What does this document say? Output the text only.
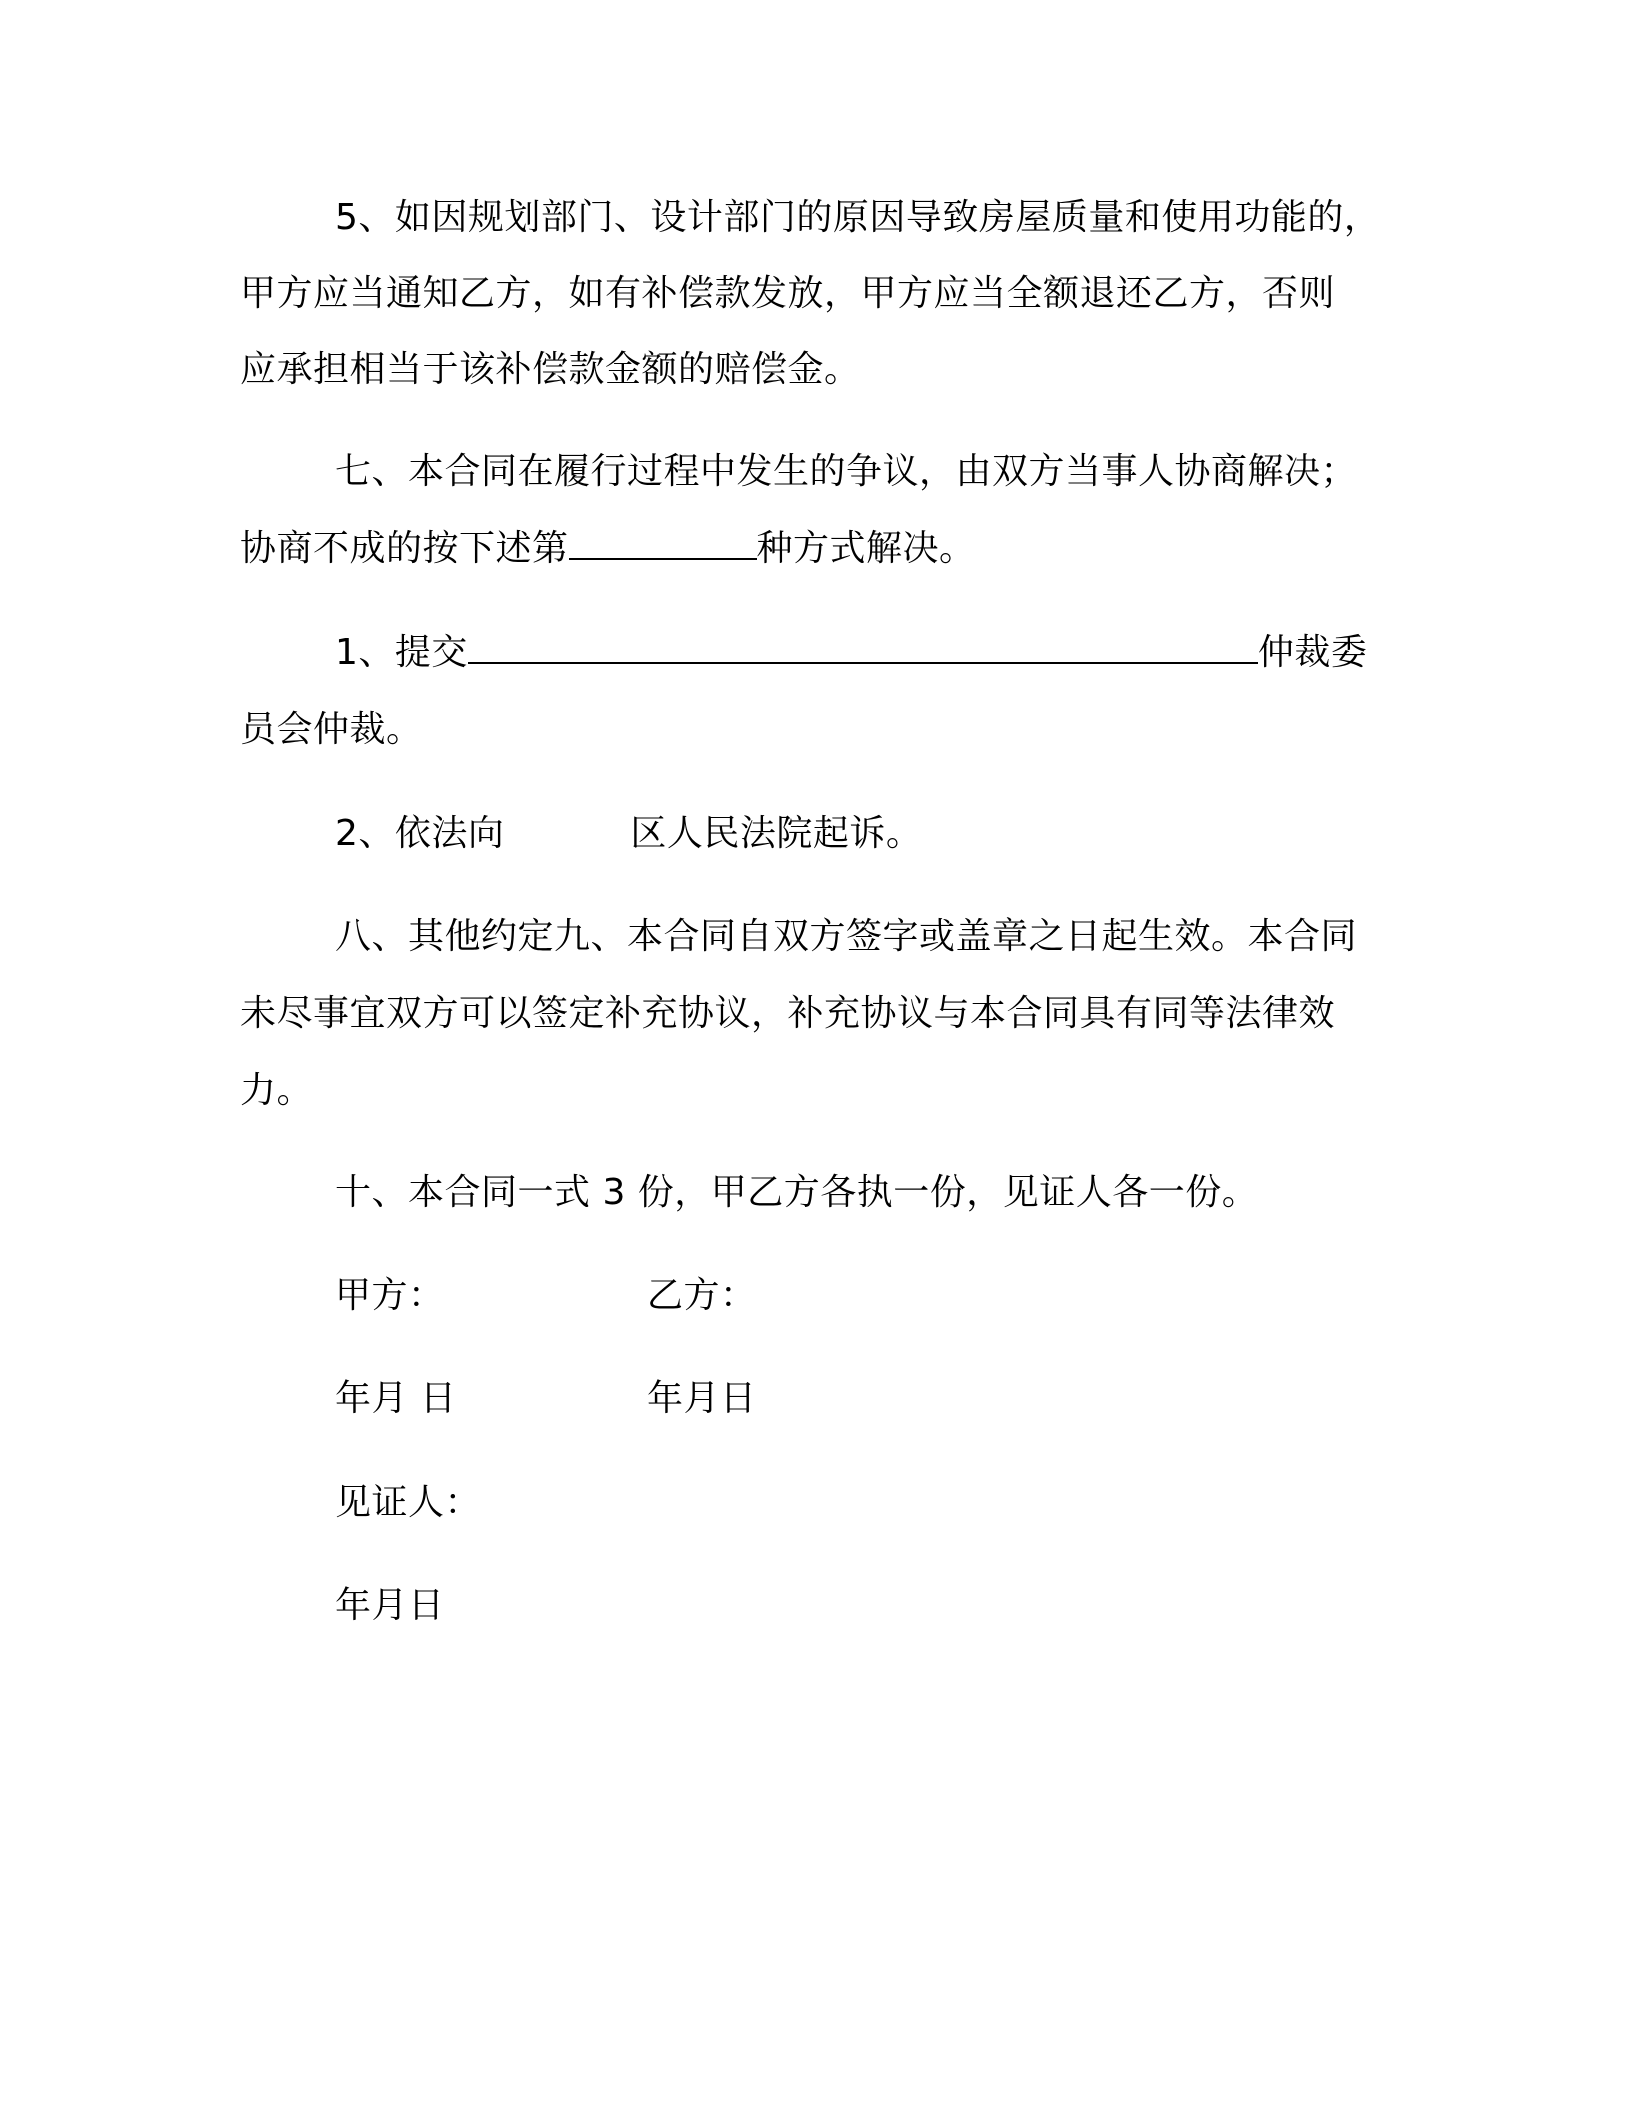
5、如因规划部门、设计部门的原因导致房屋质量和使用功能的，
甲方应当通知乙方，如有补偿款发放，甲方应当全额退还乙方，否则
应承担相当于该补偿款金额的赔偿金。
七、本合同在履行过程中发生的争议，由双方当事人协商解决；
协商不成的按下述第	种方式解决。
1、提交	仲裁委
员会仲裁。
2、依法向	区人民法院起诉。
八、其他约定九、本合同自双方签字或盖章之日起生效。本合同
未尽事宜双方可以签定补充协议，补充协议与本合同具有同等法律效
力。
十、本合同一式 3 份，甲乙方各执一份，见证人各一份。
甲方：	乙方：
年月 日	年月日
见证人：
年月日
